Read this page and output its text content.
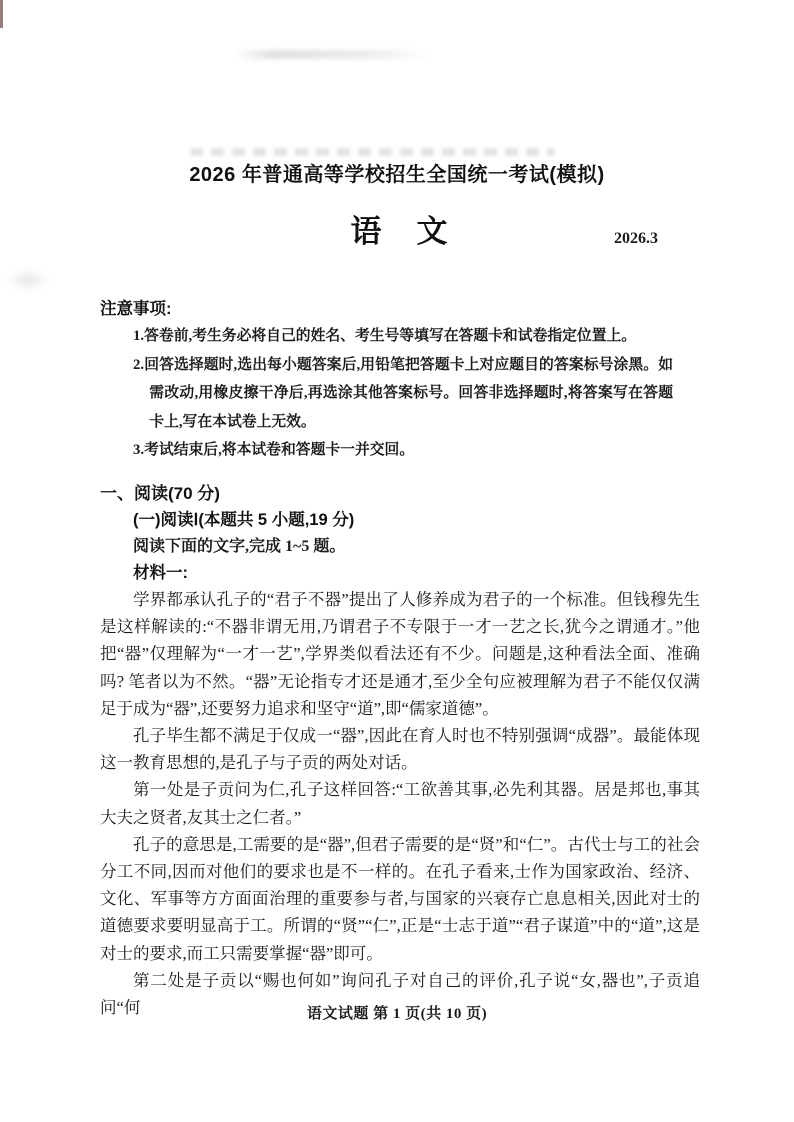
2026 年普通高等学校招生全国统一考试(模拟)
语　文	2026.3
注意事项:
1.答卷前,考生务必将自己的姓名、考生号等填写在答题卡和试卷指定位置上。
2.回答选择题时,选出每小题答案后,用铅笔把答题卡上对应题目的答案标号涂黑。如需改动,用橡皮擦干净后,再选涂其他答案标号。回答非选择题时,将答案写在答题卡上,写在本试卷上无效。
3.考试结束后,将本试卷和答题卡一并交回。
一、阅读(70 分)
(一)阅读Ⅰ(本题共 5 小题,19 分)
阅读下面的文字,完成 1~5 题。
材料一:

学界都承认孔子的“君子不器”提出了人修养成为君子的一个标准。但钱穆先生是这样解读的:“不器非谓无用,乃谓君子不专限于一才一艺之长,犹今之谓通才。”他把“器”仅理解为“一才一艺”,学界类似看法还有不少。问题是,这种看法全面、准确吗? 笔者以为不然。“器”无论指专才还是通才,至少全句应被理解为君子不能仅仅满足于成为“器”,还要努力追求和坚守“道”,即“儒家道德”。

孔子毕生都不满足于仅成一“器”,因此在育人时也不特别强调“成器”。最能体现这一教育思想的,是孔子与子贡的两处对话。

第一处是子贡问为仁,孔子这样回答:“工欲善其事,必先利其器。居是邦也,事其大夫之贤者,友其士之仁者。”

孔子的意思是,工需要的是“器”,但君子需要的是“贤”和“仁”。古代士与工的社会分工不同,因而对他们的要求也是不一样的。在孔子看来,士作为国家政治、经济、文化、军事等方方面面治理的重要参与者,与国家的兴衰存亡息息相关,因此对士的道德要求要明显高于工。所谓的“贤”“仁”,正是“士志于道”“君子谋道”中的“道”,这是对士的要求,而工只需要掌握“器”即可。

第二处是子贡以“赐也何如”询问孔子对自己的评价,孔子说“女,器也”,子贡追问“何	语文试题 第 1 页(共 10 页)
